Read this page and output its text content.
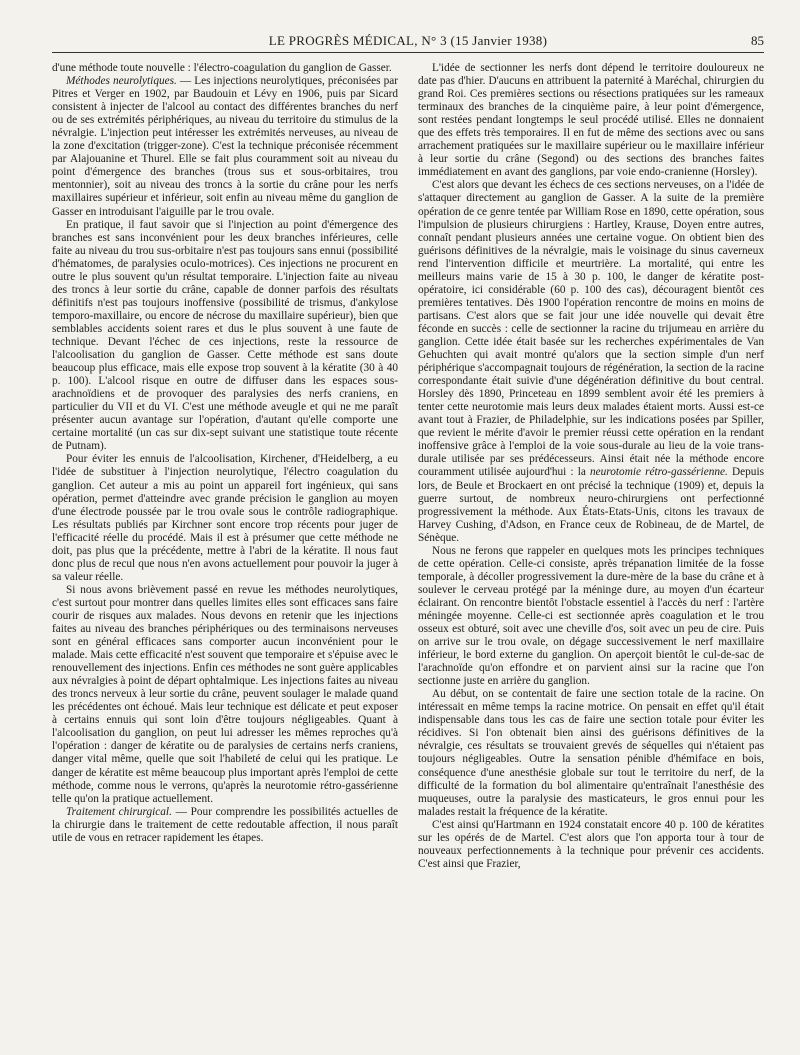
LE PROGRÈS MÉDICAL, N° 3 (15 Janvier 1938)	85

d'une méthode toute nouvelle : l'électro-coagulation du ganglion de Gasser.

Méthodes neurolytiques. — Les injections neurolytiques, préconisées par Pitres et Verger en 1902, par Baudouin et Lévy en 1906, puis par Sicard consistent à injecter de l'alcool au contact des différentes branches du nerf ou de ses extrémités périphériques, au niveau du territoire du stimulus de la névralgie. L'injection peut intéresser les extrémités nerveuses, au niveau de la zone d'excitation (trigger-zone). C'est la technique préconisée récemment par Alajouanine et Thurel. Elle se fait plus couramment soit au niveau du point d'émergence des branches (trous sus et sous-orbitaires, trou mentonnier), soit au niveau des troncs à la sortie du crâne pour les nerfs maxillaires supérieur et inférieur, soit enfin au niveau même du ganglion de Gasser en introduisant l'aiguille par le trou ovale.

En pratique, il faut savoir que si l'injection au point d'émergence des branches est sans inconvénient pour les deux branches inférieures, celle faite au niveau du trou sus-orbitaire n'est pas toujours sans ennui (possibilité d'hématomes, de paralysies oculo-motrices). Ces injections ne procurent en outre le plus souvent qu'un résultat temporaire. L'injection faite au niveau des troncs à leur sortie du crâne, capable de donner parfois des résultats définitifs n'est pas toujours inoffensive (possibilité de trismus, d'ankylose temporo-maxillaire, ou encore de nécrose du maxillaire supérieur), bien que semblables accidents soient rares et dus le plus souvent à une faute de technique. Devant l'échec de ces injections, reste la ressource de l'alcoolisation du ganglion de Gasser. Cette méthode est sans doute beaucoup plus efficace, mais elle expose trop souvent à la kératite (30 à 40 p. 100). L'alcool risque en outre de diffuser dans les espaces sous-arachnoïdiens et de provoquer des paralysies des nerfs craniens, en particulier du VII et du VI. C'est une méthode aveugle et qui ne me paraît présenter aucun avantage sur l'opération, d'autant qu'elle comporte une certaine mortalité (un cas sur dix-sept suivant une statistique toute récente de Putnam).

Pour éviter les ennuis de l'alcoolisation, Kirchener, d'Heidelberg, a eu l'idée de substituer à l'injection neurolytique, l'électro coagulation du ganglion. Cet auteur a mis au point un appareil fort ingénieux, qui sans opération, permet d'atteindre avec grande précision le ganglion au moyen d'une électrode poussée par le trou ovale sous le contrôle radiographique. Les résultats publiés par Kirchner sont encore trop récents pour juger de l'efficacité réelle du procédé. Mais il est à présumer que cette méthode ne doit, pas plus que la précédente, mettre à l'abri de la kératite. Il nous faut donc plus de recul que nous n'en avons actuellement pour pouvoir la juger à sa valeur réelle.

Si nous avons brièvement passé en revue les méthodes neurolytiques, c'est surtout pour montrer dans quelles limites elles sont efficaces sans faire courir de risques aux malades. Nous devons en retenir que les injections faites au niveau des branches périphériques ou des terminaisons nerveuses sont en général efficaces sans comporter aucun inconvénient pour le malade. Mais cette efficacité n'est souvent que temporaire et s'épuise avec le renouvellement des injections. Enfin ces méthodes ne sont guère applicables aux névralgies à point de départ ophtalmique. Les injections faites au niveau des troncs nerveux à leur sortie du crâne, peuvent soulager le malade quand les précédentes ont échoué. Mais leur technique est délicate et peut exposer à certains ennuis qui sont loin d'être toujours négligeables. Quant à l'alcoolisation du ganglion, on peut lui adresser les mêmes reproches qu'à l'opération : danger de kératite ou de paralysies de certains nerfs craniens, danger vital même, quelle que soit l'habileté de celui qui les pratique. Le danger de kératite est même beaucoup plus important après l'emploi de cette méthode, comme nous le verrons, qu'après la neurotomie rétro-gassérienne telle qu'on la pratique actuellement.

Traitement chirurgical. — Pour comprendre les possibilités actuelles de la chirurgie dans le traitement de cette redoutable affection, il nous paraît utile de vous en retracer rapidement les étapes.

L'idée de sectionner les nerfs dont dépend le territoire douloureux ne date pas d'hier. D'aucuns en attribuent la paternité à Maréchal, chirurgien du grand Roi. Ces premières sections ou résections pratiquées sur les rameaux terminaux des branches de la cinquième paire, à leur point d'émergence, sont restées pendant longtemps le seul procédé utilisé. Elles ne donnaient que des effets très temporaires. Il en fut de même des sections avec ou sans arrachement pratiquées sur le maxillaire supérieur ou le maxillaire inférieur à leur sortie du crâne (Segond) ou des sections des branches faites immédiatement en avant des ganglions, par voie endo-cranienne (Horsley).

C'est alors que devant les échecs de ces sections nerveuses, on a l'idée de s'attaquer directement au ganglion de Gasser. A la suite de la première opération de ce genre tentée par William Rose en 1890, cette opération, sous l'impulsion de plusieurs chirurgiens : Hartley, Krause, Doyen entre autres, connaît pendant plusieurs années une certaine vogue. On obtient bien des guérisons définitives de la névralgie, mais le voisinage du sinus caverneux rend l'intervention difficile et meurtrière. La mortalité, qui entre les meilleurs mains varie de 15 à 30 p. 100, le danger de kératite post-opératoire, ici considérable (60 p. 100 des cas), découragent bientôt ces premières tentatives. Dès 1900 l'opération rencontre de moins en moins de partisans. C'est alors que se fait jour une idée nouvelle qui devait être féconde en succès : celle de sectionner la racine du trijumeau en arrière du ganglion. Cette idée était basée sur les recherches expérimentales de Van Gehuchten qui avait montré qu'alors que la section simple d'un nerf périphérique s'accompagnait toujours de régénération, la section de la racine correspondante était suivie d'une dégénération définitive du bout central. Horsley dès 1890, Princeteau en 1899 semblent avoir été les premiers à tenter cette neurotomie mais leurs deux malades étaient morts. Aussi est-ce avant tout à Frazier, de Philadelphie, sur les indications posées par Spiller, que revient le mérite d'avoir le premier réussi cette opération en la rendant inoffensive grâce à l'emploi de la voie sous-durale au lieu de la voie trans-durale utilisée par ses prédécesseurs. Ainsi était née la méthode encore couramment utilisée aujourd'hui : la neurotomie rétro-gassérienne. Depuis lors, de Beule et Brockaert en ont précisé la technique (1909) et, depuis la guerre surtout, de nombreux neuro-chirurgiens ont perfectionné progressivement la méthode. Aux États-Etats-Unis, citons les travaux de Harvey Cushing, d'Adson, en France ceux de Robineau, de de Martel, de Sénèque.

Nous ne ferons que rappeler en quelques mots les principes techniques de cette opération. Celle-ci consiste, après trépanation limitée de la fosse temporale, à décoller progressivement la dure-mère de la base du crâne et à soulever le cerveau protégé par la méninge dure, au moyen d'un écarteur éclairant. On rencontre bientôt l'obstacle essentiel à l'accès du nerf : l'artère méningée moyenne. Celle-ci est sectionnée après coagulation et le trou osseux est obturé, soit avec une cheville d'os, soit avec un peu de cire. Puis on arrive sur le trou ovale, on dégage successivement le nerf maxillaire inférieur, le bord externe du ganglion. On aperçoit bientôt le cul-de-sac de l'arachnoïde qu'on effondre et on parvient ainsi sur la racine que l'on sectionne juste en arrière du ganglion.

Au début, on se contentait de faire une section totale de la racine. On intéressait en même temps la racine motrice. On pensait en effet qu'il était indispensable dans tous les cas de faire une section totale pour éviter les récidives. Si l'on obtenait bien ainsi des guérisons définitives de la névralgie, ces résultats se trouvaient grevés de séquelles qui n'étaient pas toujours négligeables. Outre la sensation pénible d'hémiface en bois, conséquence d'une anesthésie globale sur tout le territoire du nerf, de la difficulté de la formation du bol alimentaire qu'entraînait l'anesthésie des muqueuses, outre la paralysie des masticateurs, le gros ennui pour les malades restait la fréquence de la kératite.

C'est ainsi qu'Hartmann en 1924 constatait encore 40 p. 100 de kératites sur les opérés de de Martel. C'est alors que l'on apporta tour à tour de nouveaux perfectionnements à la technique pour prévenir ces accidents. C'est ainsi que Frazier,
